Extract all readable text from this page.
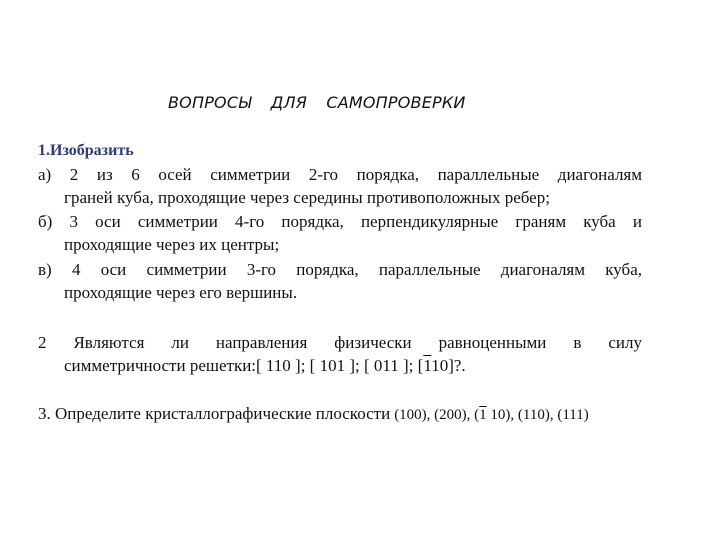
ВОПРОСЫ ДЛЯ САМОПРОВЕРКИ
1.Изобразить
а) 2 из 6 осей симметрии 2-го порядка, параллельные диагоналям
граней куба, проходящие через середины противоположных ребер;
б) 3 оси симметрии 4-го порядка, перпендикулярные граням куба и
проходящие через их центры;
в) 4 оси симметрии 3-го порядка, параллельные диагоналям куба,
проходящие через его вершины.
2 Являются ли направления физически равноценными в силу
симметричности решетки:[ 110 ]; [ 101 ]; [ 011 ]; [110]?.
3. Определите кристаллографические плоскости (100), (200), (1 10), (110), (111)
